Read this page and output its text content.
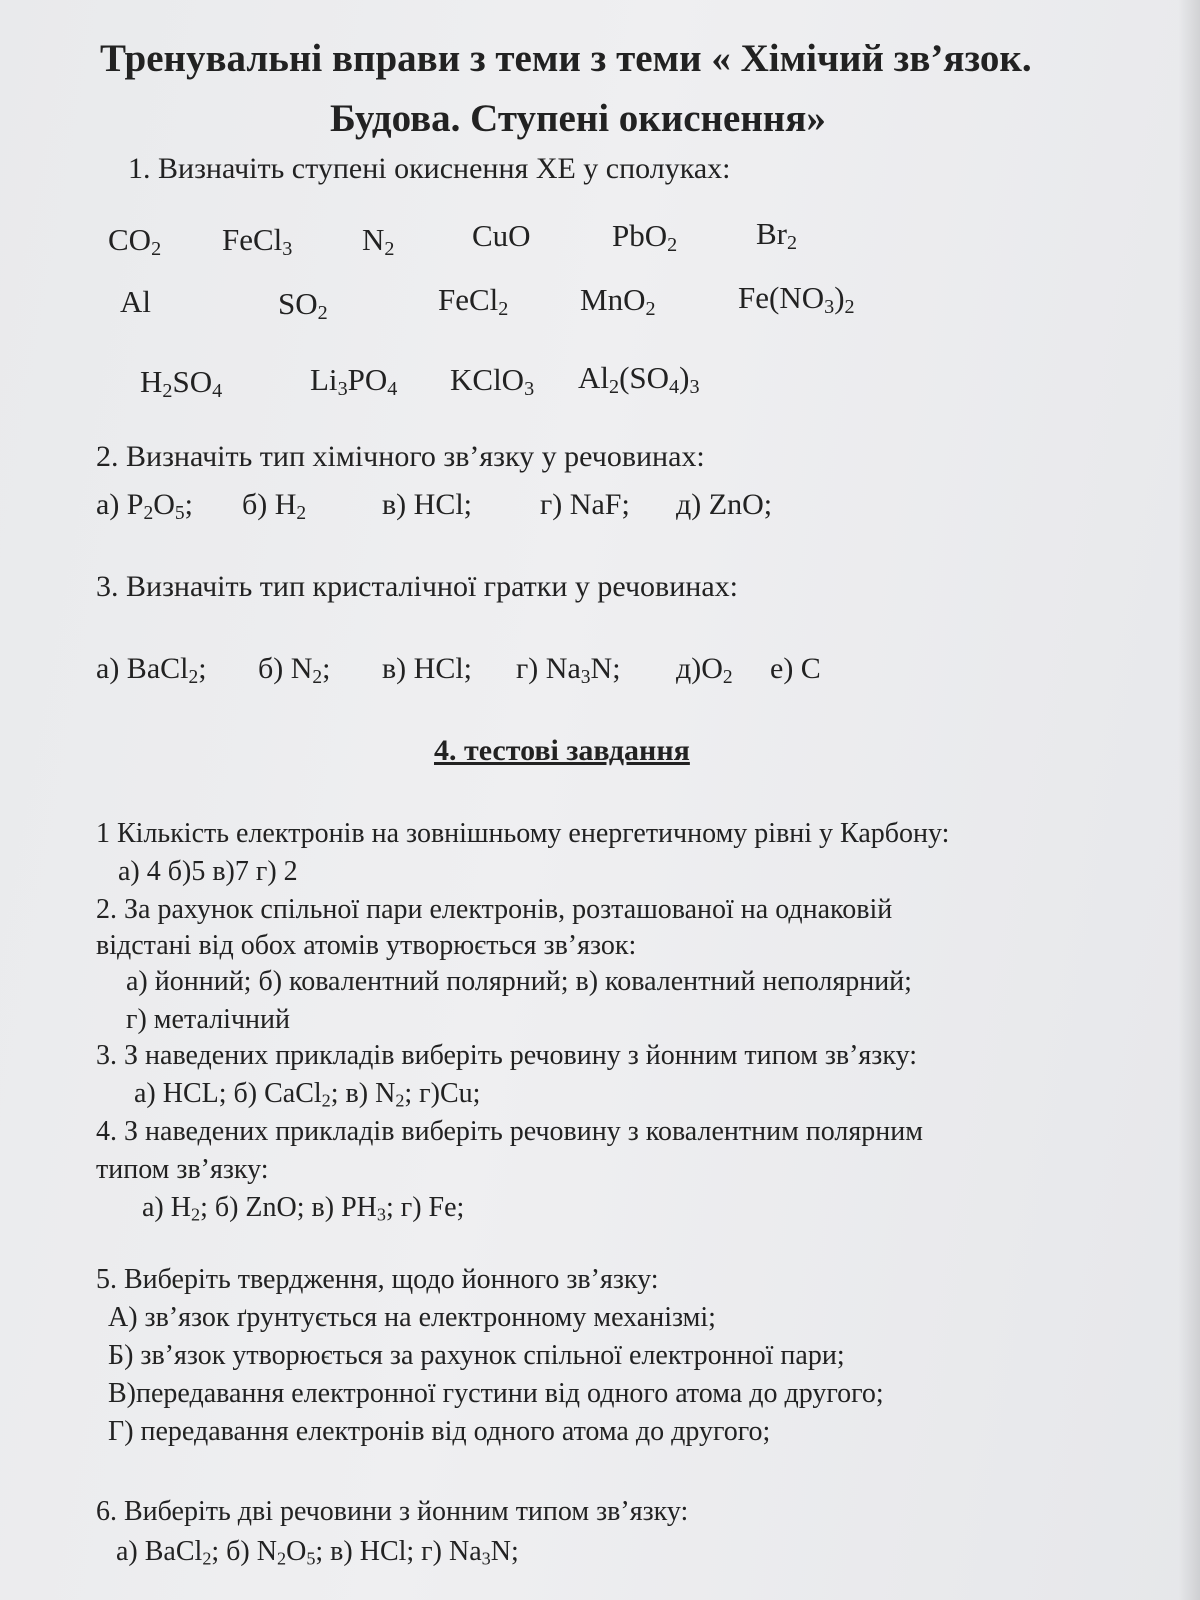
Тренувальні вправи з теми з теми « Хімічий зв’язок.
Будова. Ступені окиснення»
1. Визначіть ступені окиснення ХЕ у сполуках:
$CO_2$ FeCl$_3$ $N_2$	CuO	PbO$_2$	$Br_2$
Al	$SO_2$	FeCl$_2$ MnO$_2$	$Fe(NO_3)_2$
$H_2SO_4$	$Li_3PO_4$ KClO$_3$ $Al_2(SO_4)_3$
2. Визначіть тип хімічного зв’язку у речовинах:
а) $P_2O_5$; б) $H_2$	в) HCl; г) NaF; д) ZnO;
3. Визначіть тип кристалічної гратки у речовинах:
а) BaCl$_2$; б) $N_2$; в) HCl; г) $Na_3N$; $д)O_2$ е) С
4. тестові завдання
1 Кількість електронів на зовнішньому енергетичному рівні у Карбону:
а) 4 б)5 в)7 г) 2
2. За рахунок спільної пари електронів, розташованої на однаковій
відстані від обох атомів утворюється зв’язок:
а) йонний; б) ковалентний полярний; в) ковалентний неполярний;
г) металічний
3. З наведених прикладів виберіть речовину з йонним типом зв’язку:
а) HCL; б) CaCl$_2$; в) $N_2$; г)Cu;
4. З наведених прикладів виберіть речовину з ковалентним полярним
типом зв’язку:
а) $H_2$; б) ZnO; в) $PH_3$; г) Fe;
5. Виберіть твердження, щодо йонного зв’язку:
А) зв’язок ґрунтується на електронному механізмі;
Б) зв’язок утворюється за рахунок спільної електронної пари;
В)передавання електронної густини від одного атома до другого;
Г) передавання електронів від одного атома до другого;
6. Виберіть дві речовини з йонним типом зв’язку:
а) BaCl$_2$; б) $N_2O_5$; в) HCl; г) $Na_3N$;
